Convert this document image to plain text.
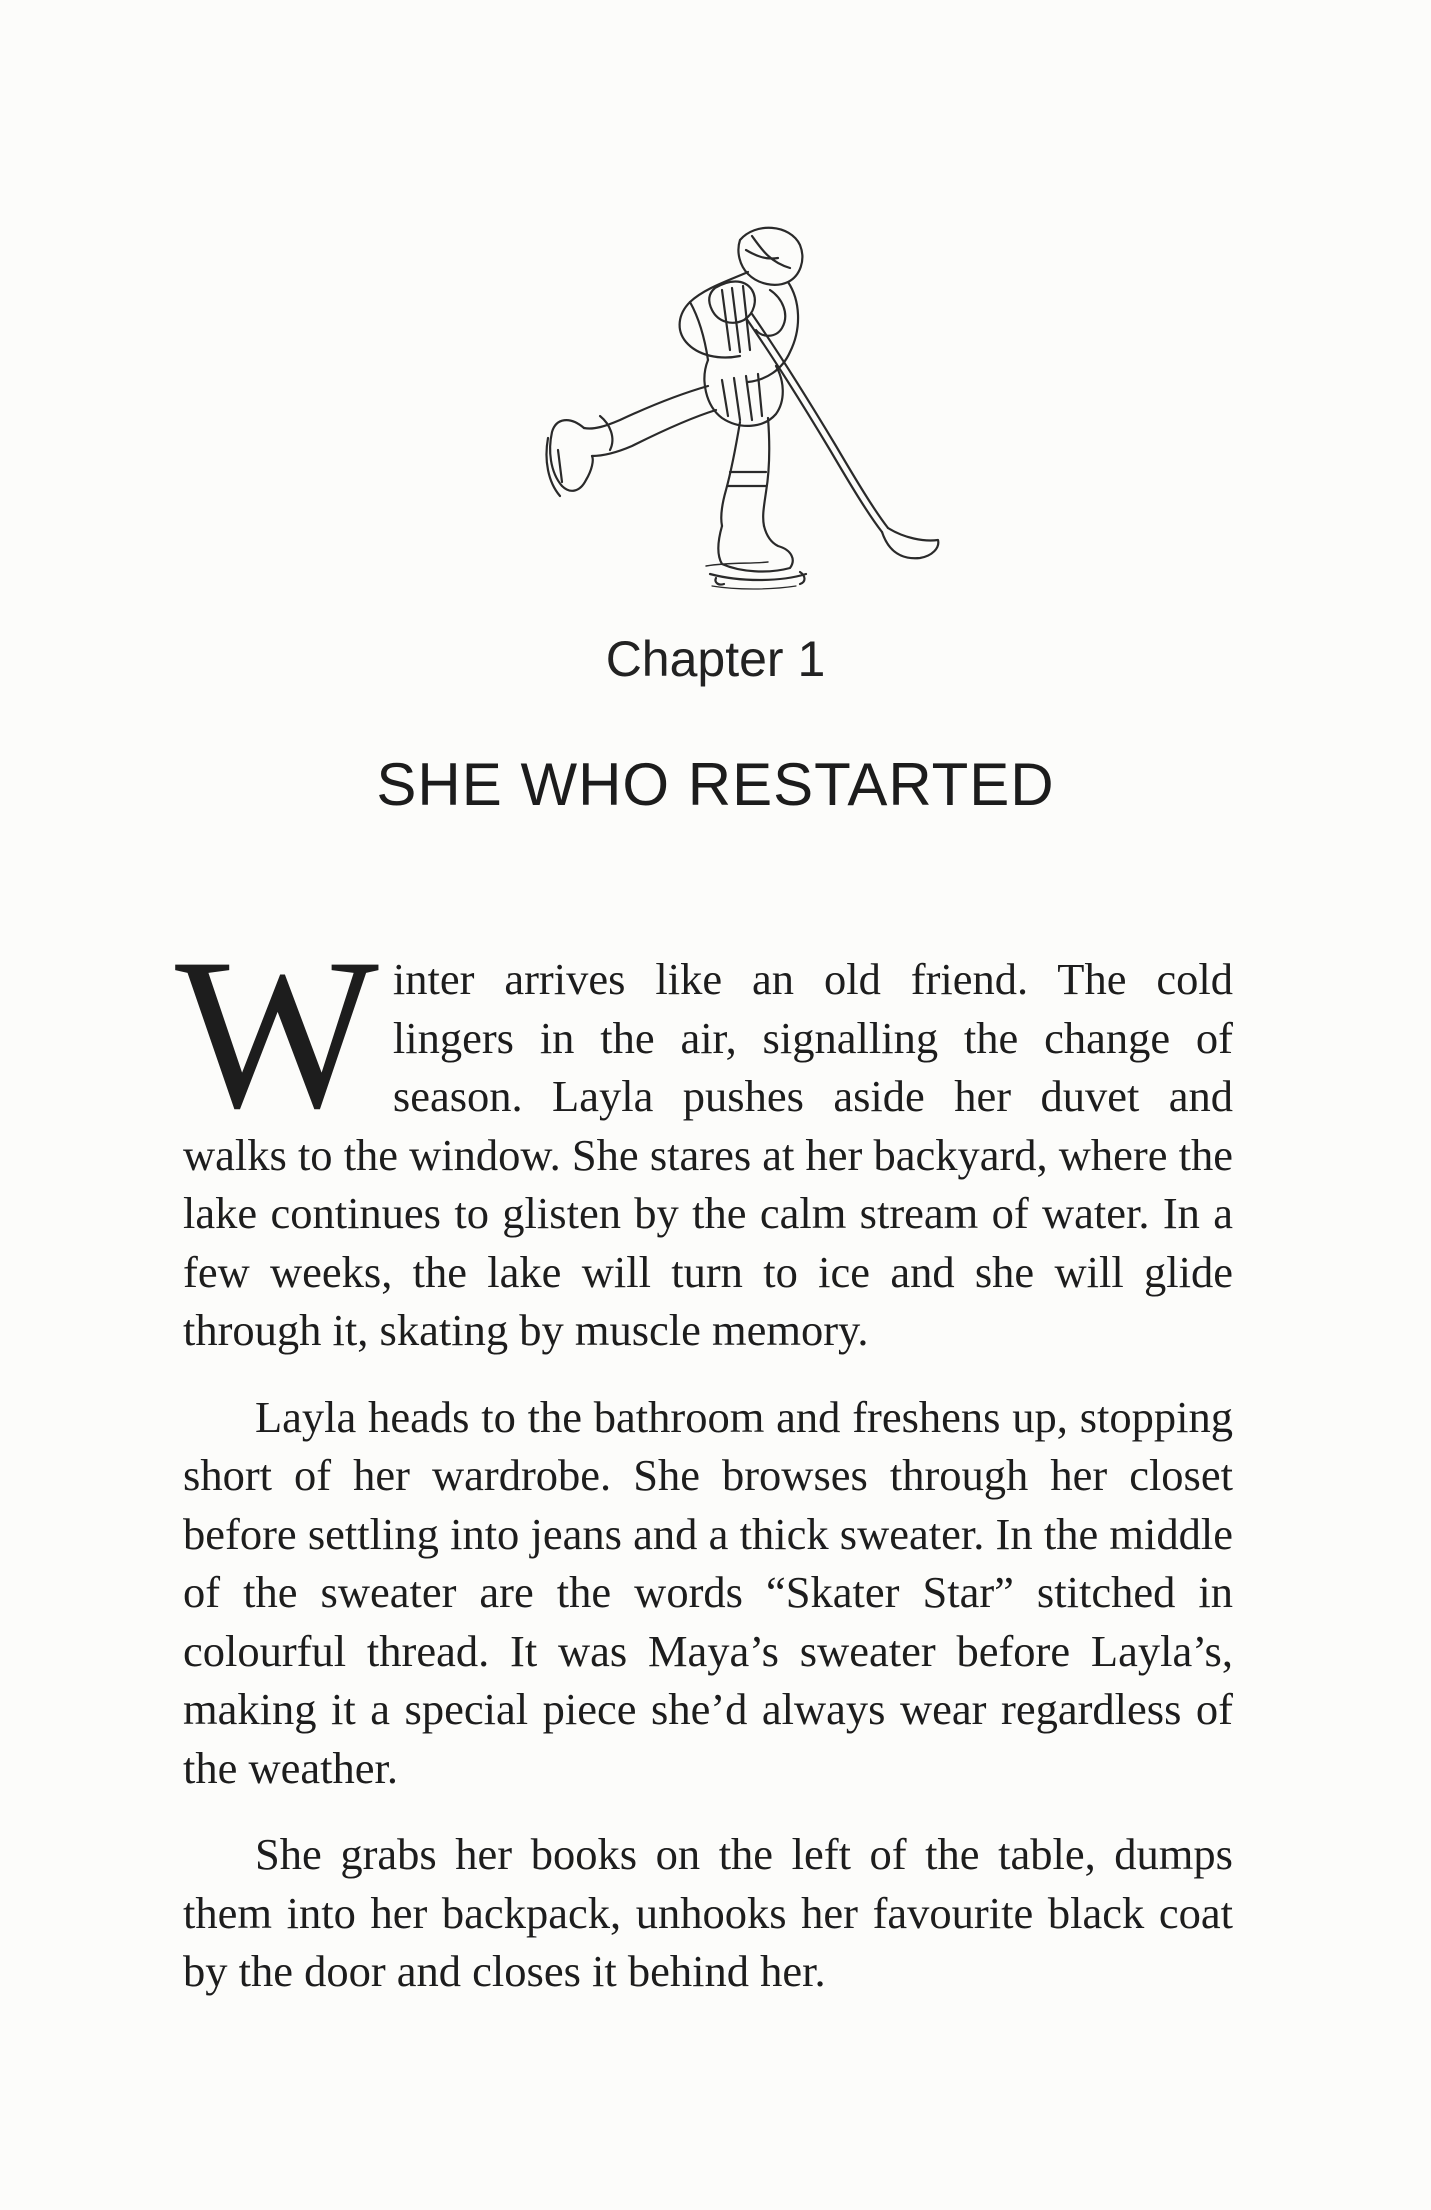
Chapter 1
SHE WHO RESTARTED

Winter arrives like an old friend. The cold lingers in the air, signalling the change of season. Layla pushes aside her duvet and walks to the window. She stares at her backyard, where the lake continues to glisten by the calm stream of water. In a few weeks, the lake will turn to ice and she will glide through it, skating by muscle memory.

Layla heads to the bathroom and freshens up, stopping short of her wardrobe. She browses through her closet before settling into jeans and a thick sweater. In the middle of the sweater are the words “Skater Star” stitched in colourful thread. It was Maya’s sweater before Layla’s, making it a special piece she’d always wear regardless of the weather.

She grabs her books on the left of the table, dumps them into her backpack, unhooks her favourite black coat by the door and closes it behind her.
